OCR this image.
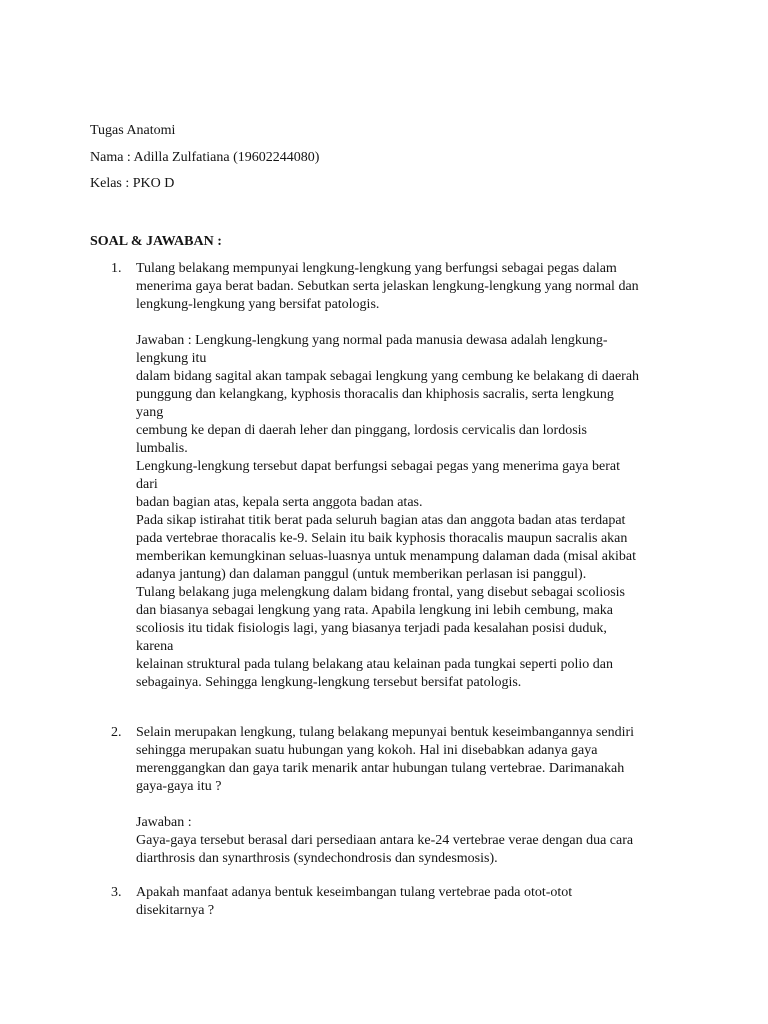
Tugas Anatomi

Nama : Adilla Zulfatiana (19602244080)

Kelas : PKO D

SOAL & JAWABAN :

1. Tulang belakang mempunyai lengkung-lengkung yang berfungsi sebagai pegas dalam
menerima gaya berat badan. Sebutkan serta jelaskan lengkung-lengkung yang normal dan
lengkung-lengkung yang bersifat patologis.
Jawaban : Lengkung-lengkung yang normal pada manusia dewasa adalah lengkung-
lengkung itu
dalam bidang sagital akan tampak sebagai lengkung yang cembung ke belakang di daerah
punggung dan kelangkang, kyphosis thoracalis dan khiphosis sacralis, serta lengkung
yang
cembung ke depan di daerah leher dan pinggang, lordosis cervicalis dan lordosis
lumbalis.
Lengkung-lengkung tersebut dapat berfungsi sebagai pegas yang menerima gaya berat
dari
badan bagian atas, kepala serta anggota badan atas.
Pada sikap istirahat titik berat pada seluruh bagian atas dan anggota badan atas terdapat
pada vertebrae thoracalis ke-9. Selain itu baik kyphosis thoracalis maupun sacralis akan
memberikan kemungkinan seluas-luasnya untuk menampung dalaman dada (misal akibat
adanya jantung) dan dalaman panggul (untuk memberikan perlasan isi panggul).
Tulang belakang juga melengkung dalam bidang frontal, yang disebut sebagai scoliosis
dan biasanya sebagai lengkung yang rata. Apabila lengkung ini lebih cembung, maka
scoliosis itu tidak fisiologis lagi, yang biasanya terjadi pada kesalahan posisi duduk,
karena
kelainan struktural pada tulang belakang atau kelainan pada tungkai seperti polio dan
sebagainya. Sehingga lengkung-lengkung tersebut bersifat patologis.
2. Selain merupakan lengkung, tulang belakang mepunyai bentuk keseimbangannya sendiri
sehingga merupakan suatu hubungan yang kokoh. Hal ini disebabkan adanya gaya
merenggangkan dan gaya tarik menarik antar hubungan tulang vertebrae. Darimanakah
gaya-gaya itu ?
Jawaban :
Gaya-gaya tersebut berasal dari persediaan antara ke-24 vertebrae verae dengan dua cara
diarthrosis dan synarthrosis (syndechondrosis dan syndesmosis).
3. Apakah manfaat adanya bentuk keseimbangan tulang vertebrae pada otot-otot
disekitarnya ?
